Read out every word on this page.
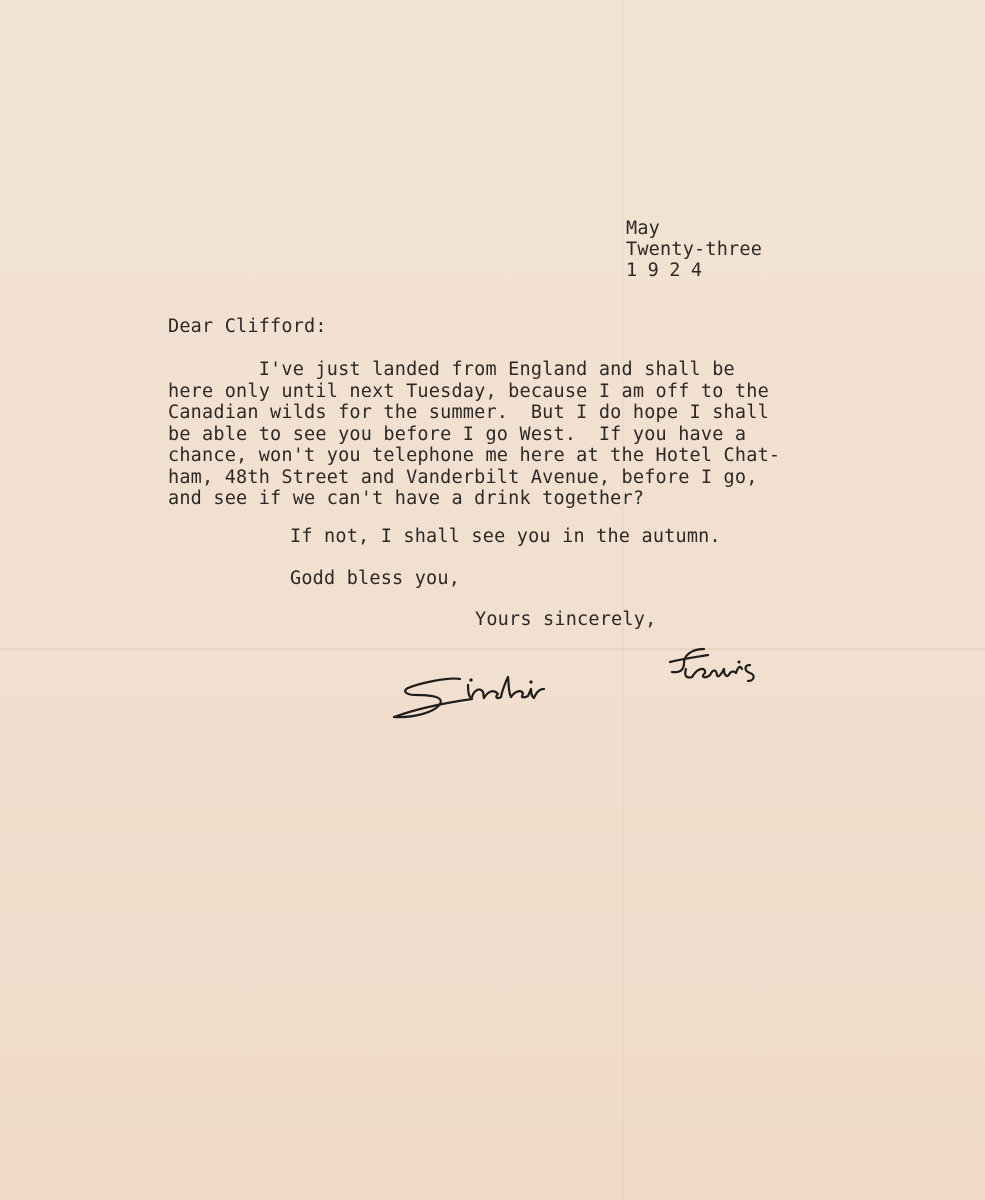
May
Twenty-three
1924
Dear Clifford:
I've just landed from England and shall be
here only until next Tuesday, because I am off to the
Canadian wilds for the summer.  But I do hope I shall
be able to see you before I go West.  If you have a
chance, won't you telephone me here at the Hotel Chat-
ham, 48th Street and Vanderbilt Avenue, before I go,
and see if we can't have a drink together?
If not, I shall see you in the autumn.
Godd bless you,
Yours sincerely,
